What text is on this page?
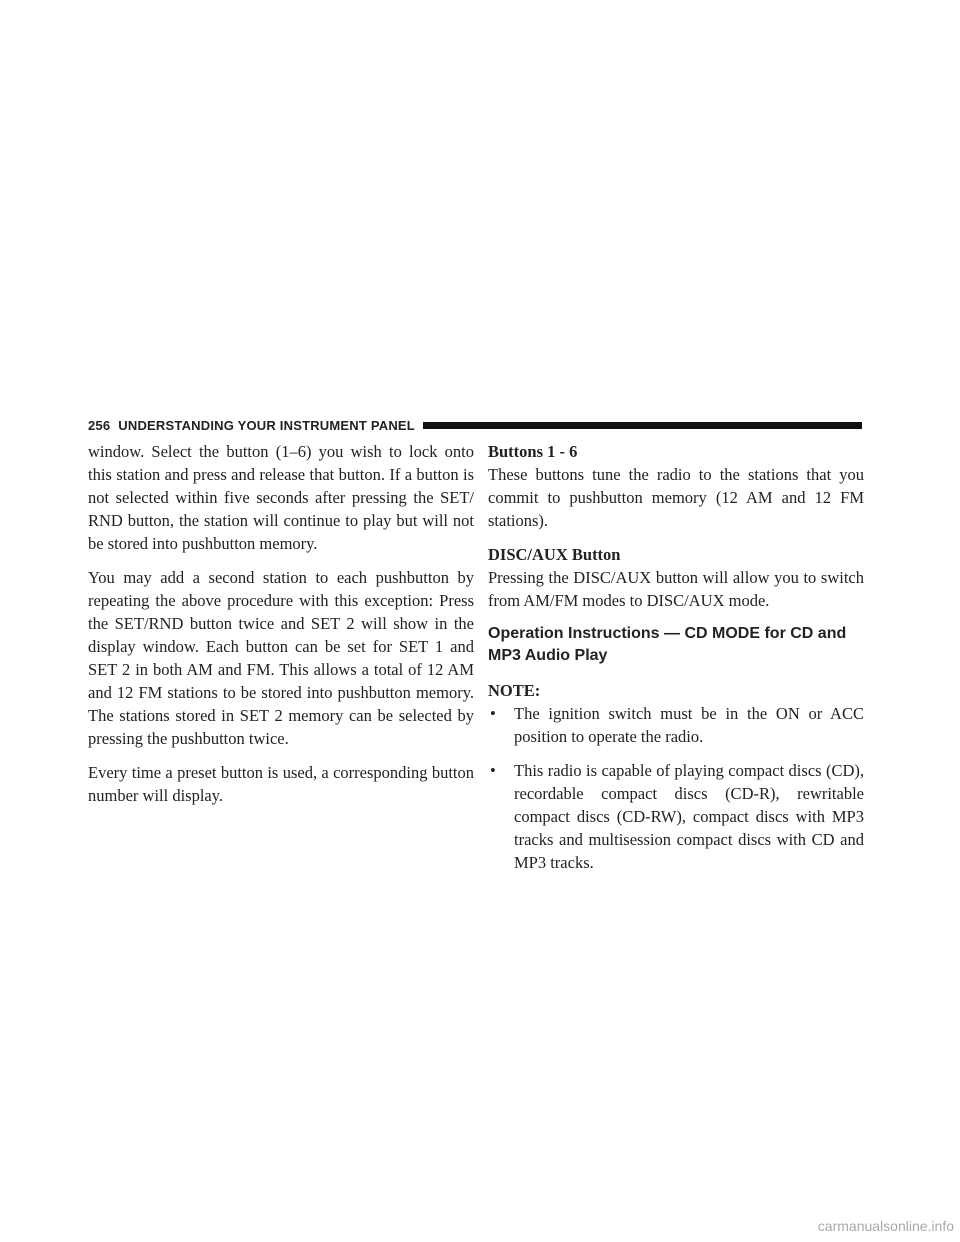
256 UNDERSTANDING YOUR INSTRUMENT PANEL

window. Select the button (1–6) you wish to lock onto this station and press and release that button. If a button is not selected within five seconds after pressing the SET/ RND button, the station will continue to play but will not be stored into pushbutton memory.

You may add a second station to each pushbutton by repeating the above procedure with this exception: Press the SET/RND button twice and SET 2 will show in the display window. Each button can be set for SET 1 and SET 2 in both AM and FM. This allows a total of 12 AM and 12 FM stations to be stored into pushbutton memory. The stations stored in SET 2 memory can be selected by pressing the pushbutton twice.

Every time a preset button is used, a corresponding button number will display.

Buttons 1 - 6

These buttons tune the radio to the stations that you commit to pushbutton memory (12 AM and 12 FM stations).

DISC/AUX Button

Pressing the DISC/AUX button will allow you to switch from AM/FM modes to DISC/AUX mode.

Operation Instructions — CD MODE for CD and MP3 Audio Play
NOTE:
• The ignition switch must be in the ON or ACC position to operate the radio.
• This radio is capable of playing compact discs (CD), recordable compact discs (CD-R), rewritable compact discs (CD-RW), compact discs with MP3 tracks and multisession compact discs with CD and MP3 tracks.
carmanualsonline.info
